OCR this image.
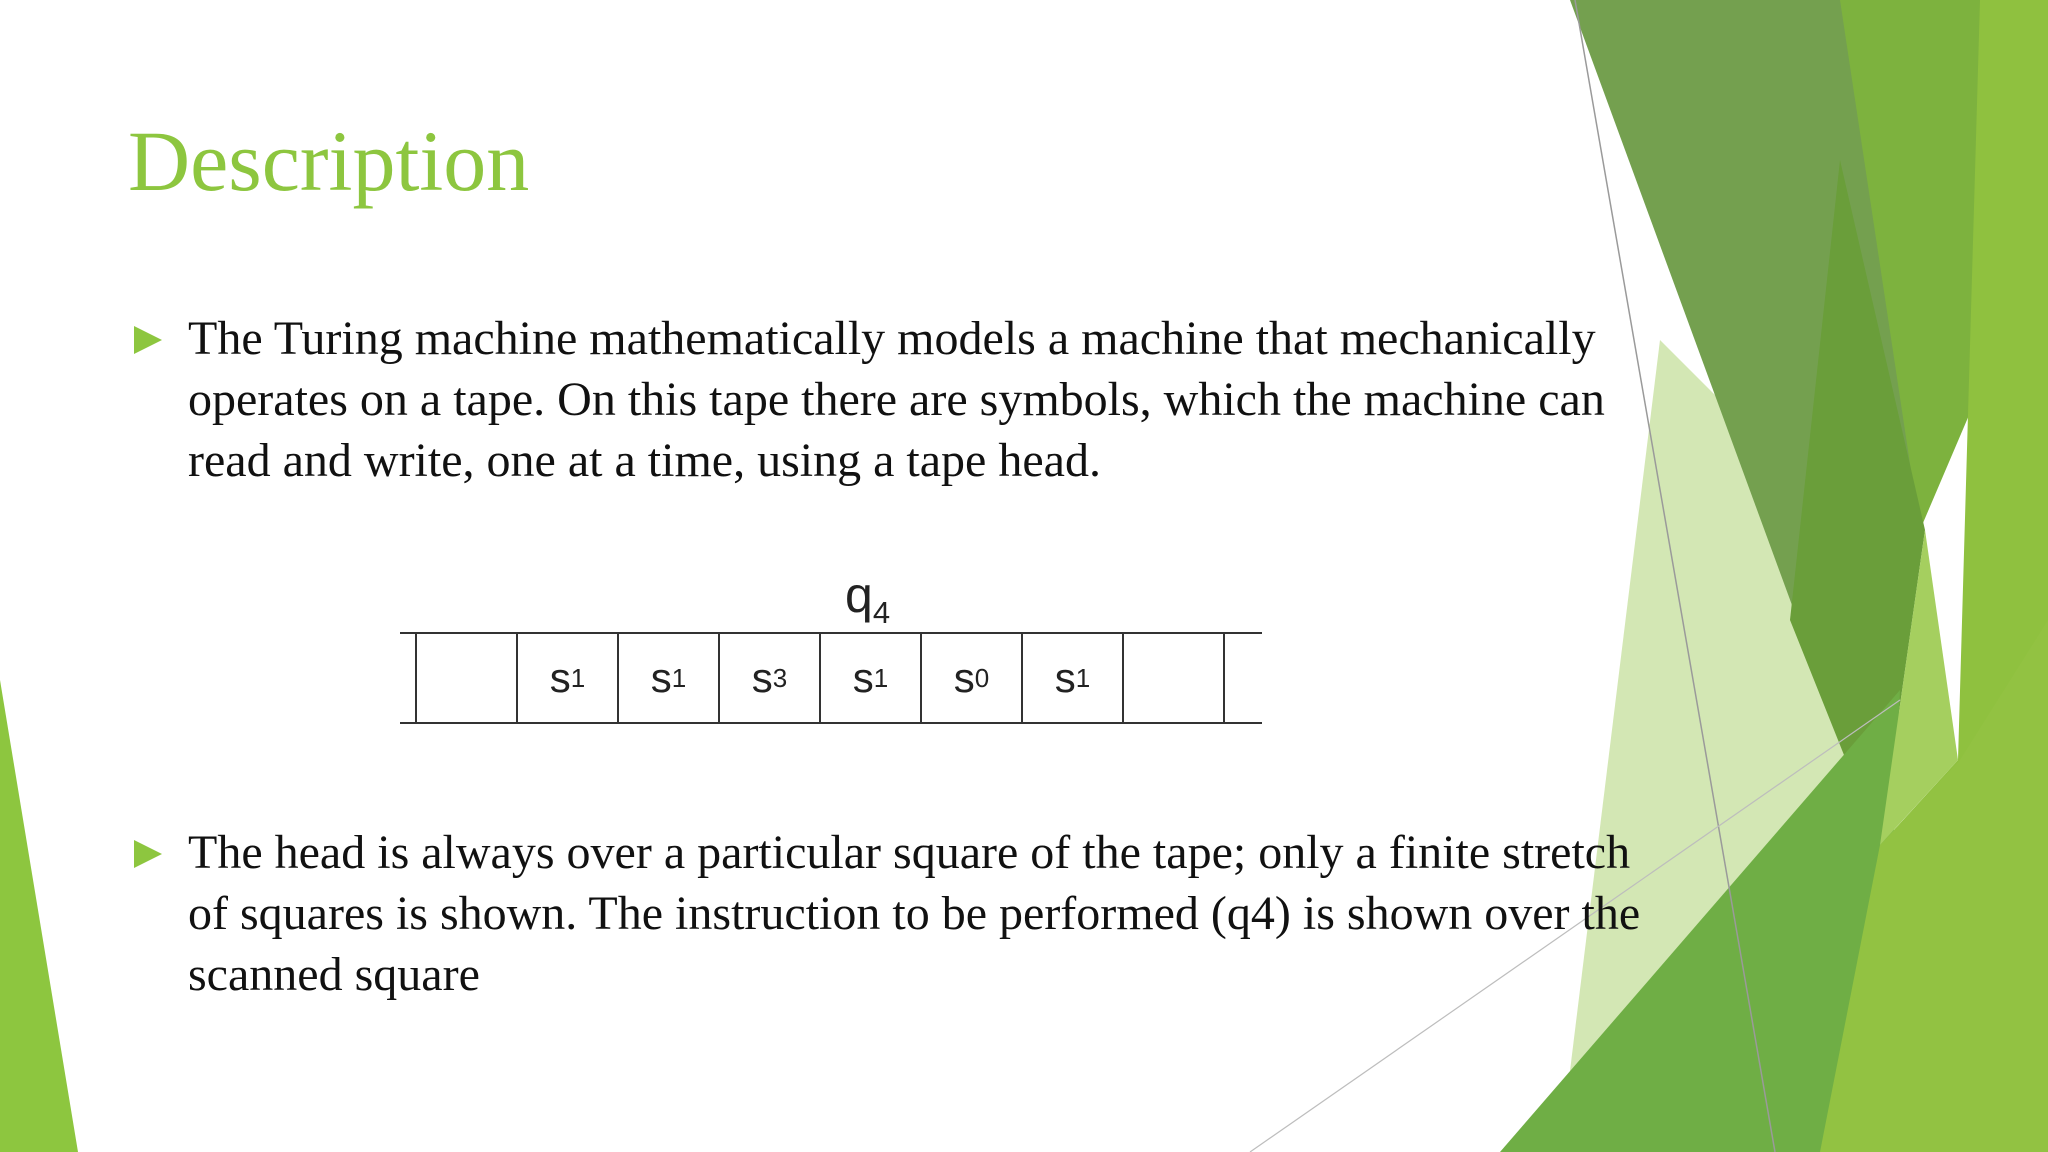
Description
The Turing machine mathematically models a machine that mechanically operates on a tape. On this tape there are symbols, which the machine can read and write, one at a time, using a tape head.
$q_4$
s 1 s 1 s 3 s 1 s 0 s 1
The head is always over a particular square of the tape; only a finite stretch of squares is shown. The instruction to be performed (q4) is shown over the scanned square
